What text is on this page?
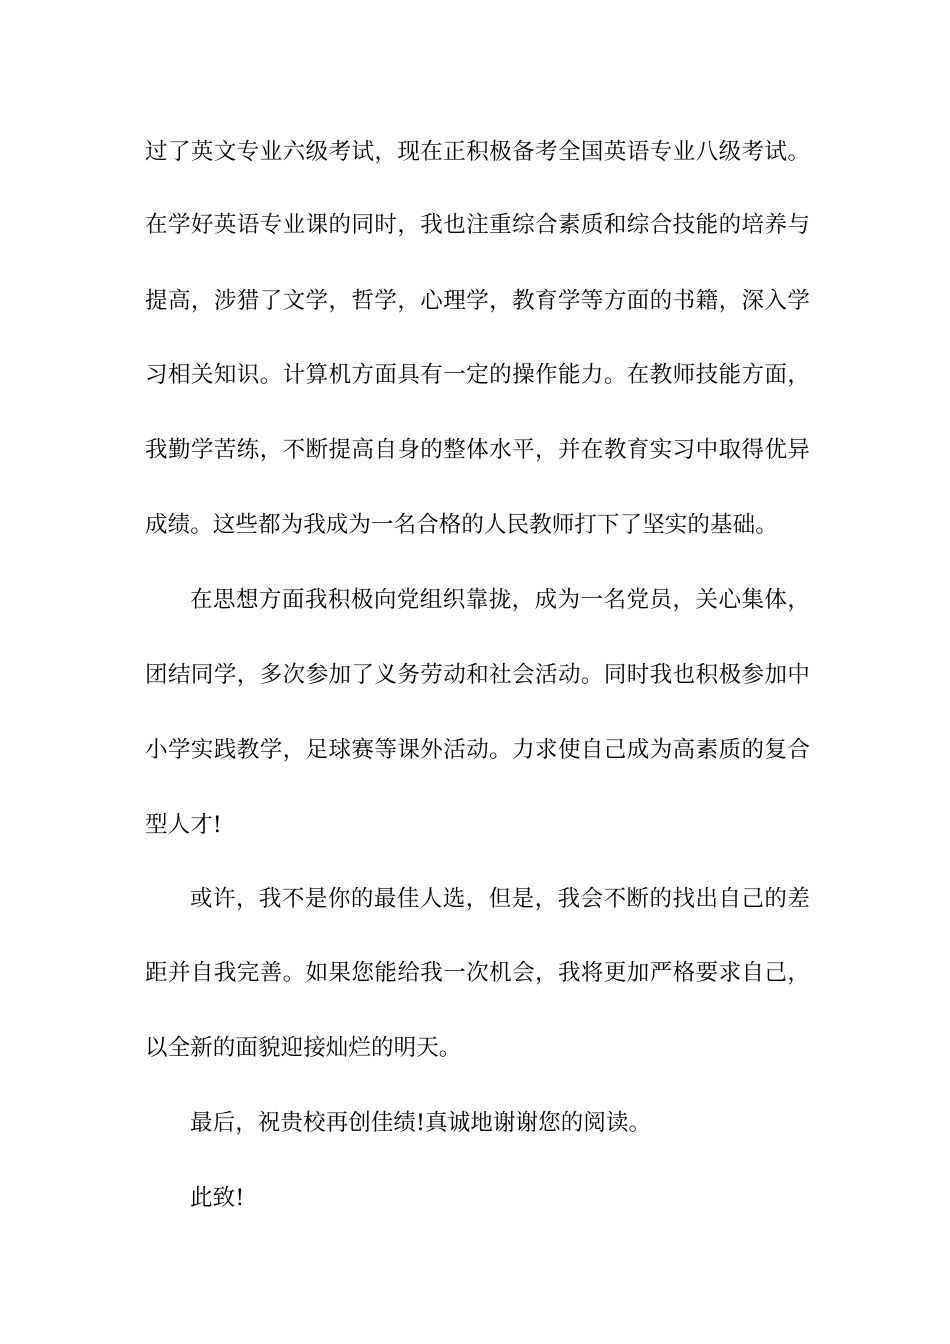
过了英文专业六级考试，现在正积极备考全国英语专业八级考试。
在学好英语专业课的同时，我也注重综合素质和综合技能的培养与
提高，涉猎了文学，哲学，心理学，教育学等方面的书籍，深入学
习相关知识。计算机方面具有一定的操作能力。在教师技能方面，
我勤学苦练，不断提高自身的整体水平，并在教育实习中取得优异
成绩。这些都为我成为一名合格的人民教师打下了坚实的基础。
在思想方面我积极向党组织靠拢，成为一名党员，关心集体，
团结同学，多次参加了义务劳动和社会活动。同时我也积极参加中
小学实践教学，足球赛等课外活动。力求使自己成为高素质的复合
型人才!
或许，我不是你的最佳人选，但是，我会不断的找出自己的差
距并自我完善。如果您能给我一次机会，我将更加严格要求自己，
以全新的面貌迎接灿烂的明天。
最后，祝贵校再创佳绩!真诚地谢谢您的阅读。
此致!
